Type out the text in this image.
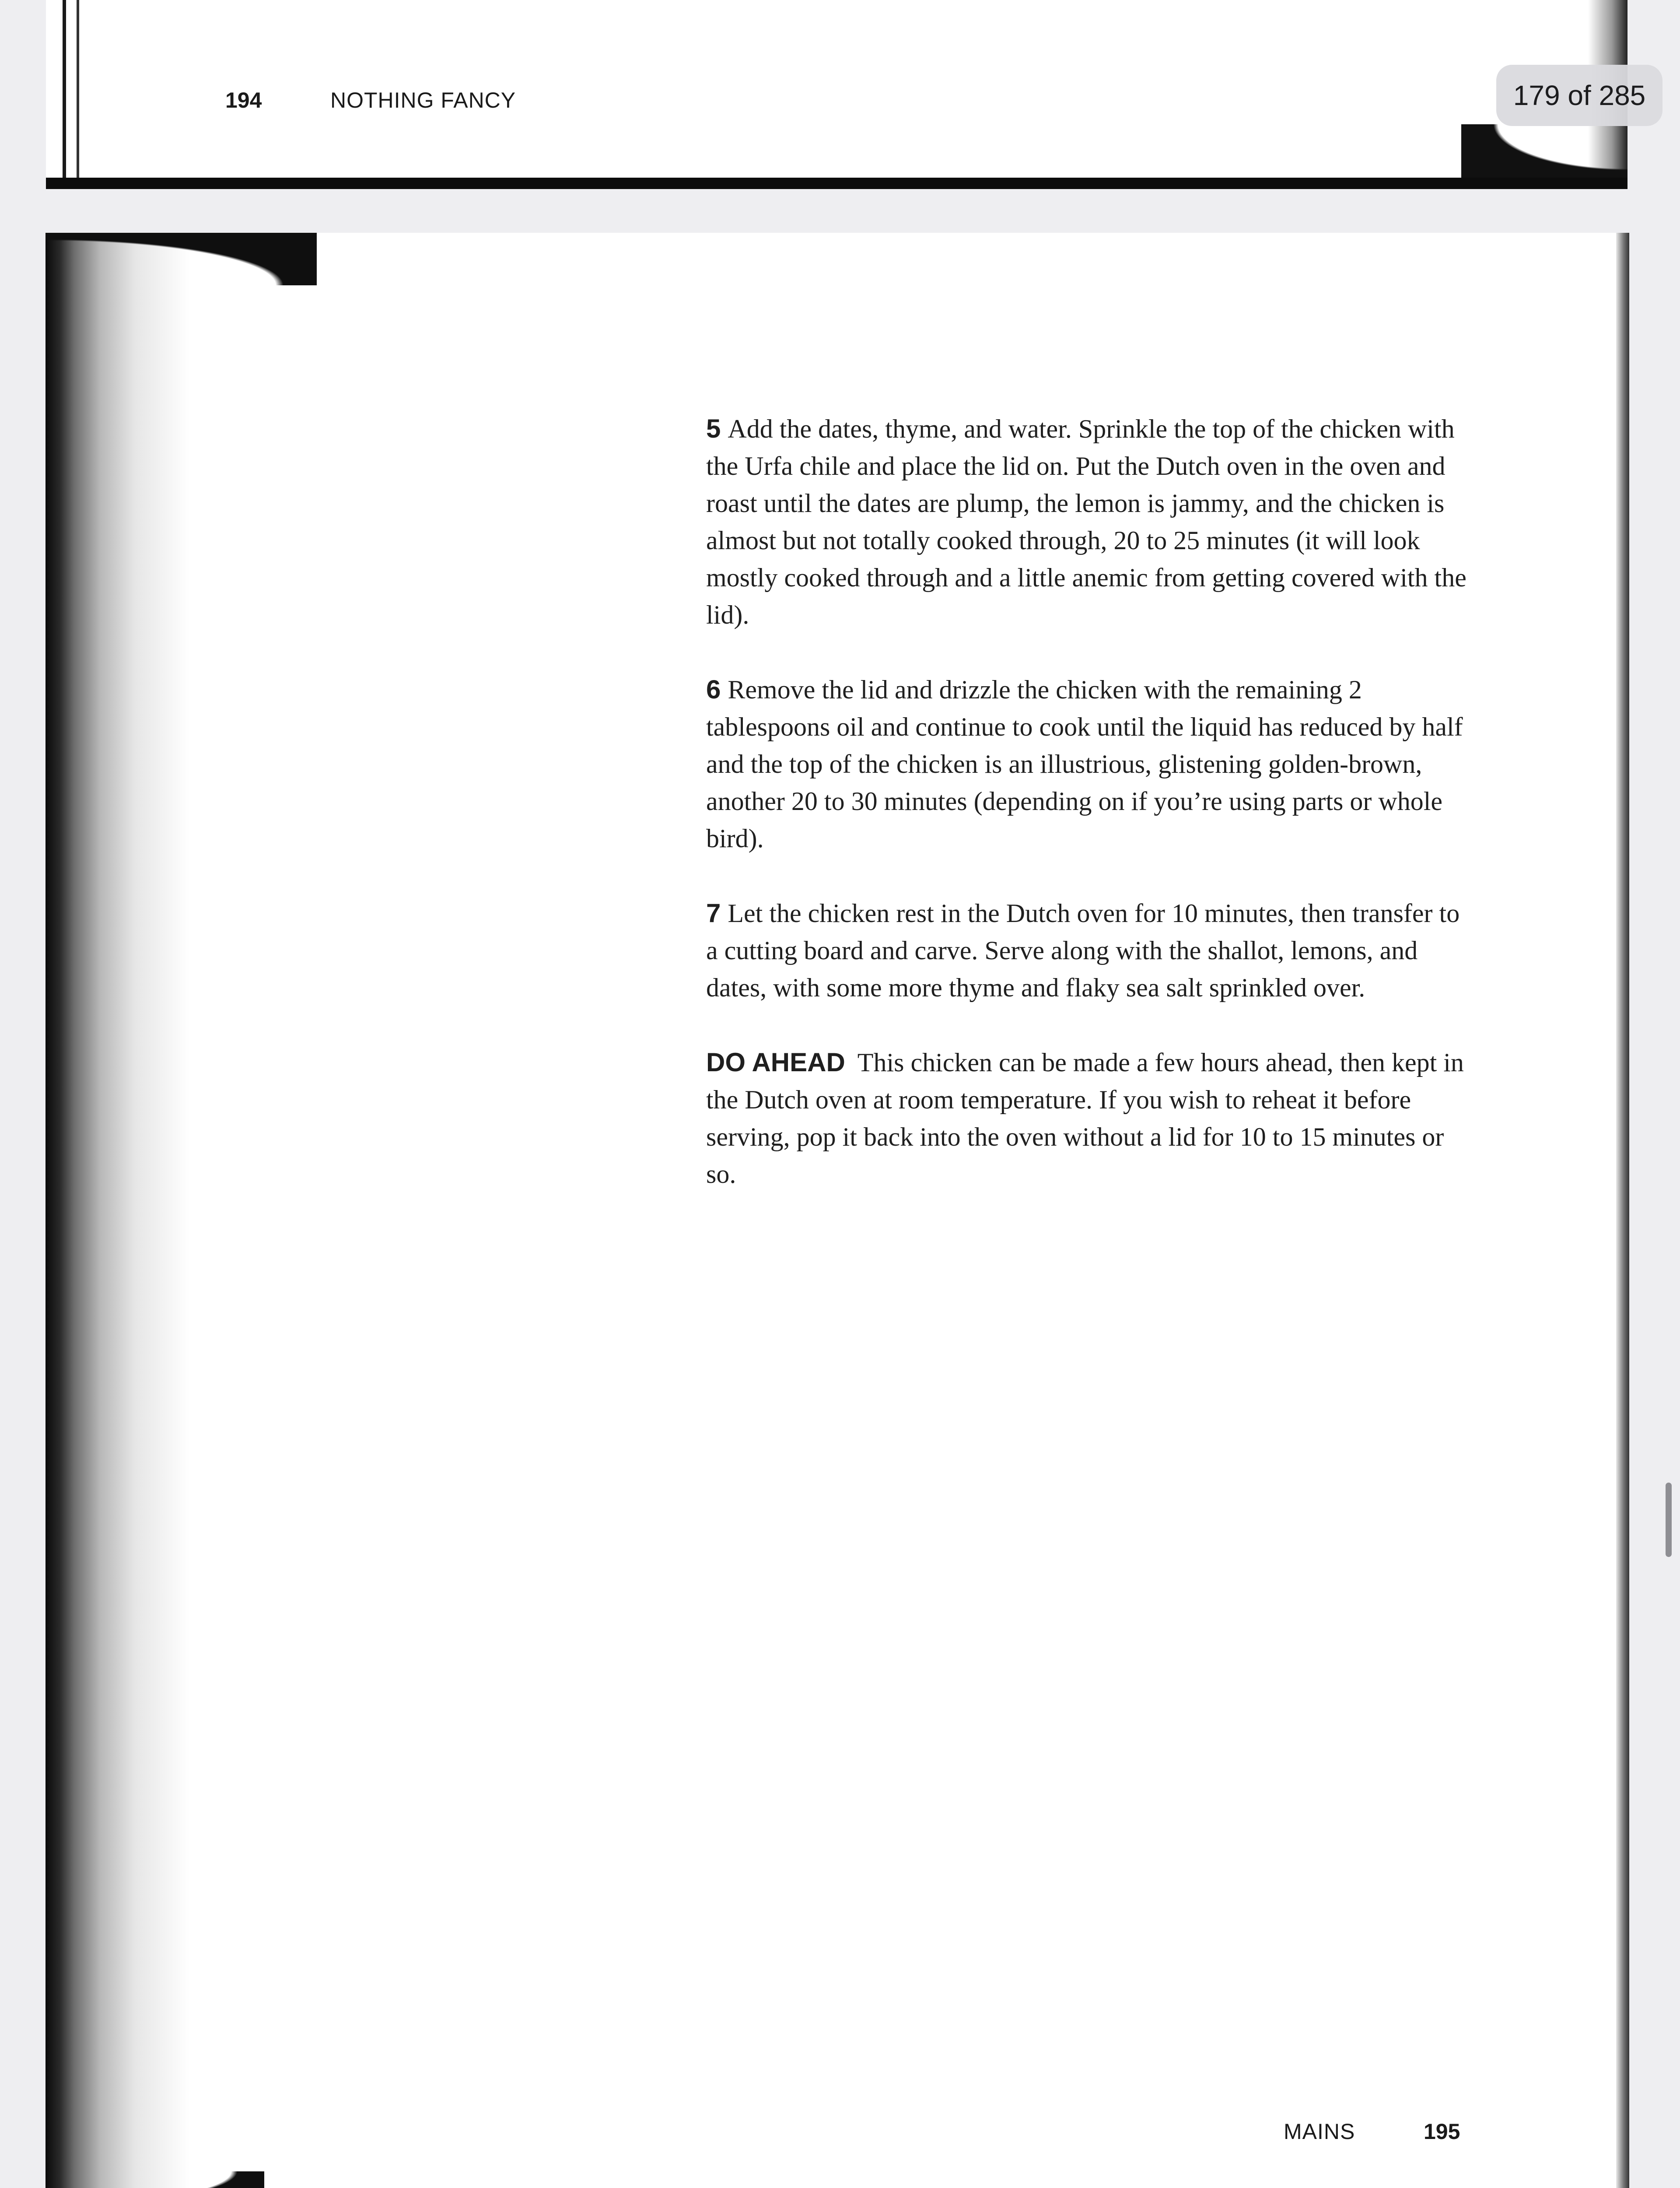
194	NOTHING FANCY

5 Add the dates, thyme, and water. Sprinkle the top of the chicken with the Urfa chile and place the lid on. Put the Dutch oven in the oven and roast until the dates are plump, the lemon is jammy, and the chicken is almost but not totally cooked through, 20 to 25 minutes (it will look mostly cooked through and a little anemic from getting covered with the lid).

6 Remove the lid and drizzle the chicken with the remaining 2 tablespoons oil and continue to cook until the liquid has reduced by half and the top of the chicken is an illustrious, glistening golden-brown, another 20 to 30 minutes (depending on if you’re using parts or whole bird).

7 Let the chicken rest in the Dutch oven for 10 minutes, then transfer to a cutting board and carve. Serve along with the shallot, lemons, and dates, with some more thyme and flaky sea salt sprinkled over.

DO AHEAD This chicken can be made a few hours ahead, then kept in the Dutch oven at room temperature. If you wish to reheat it before serving, pop it back into the oven without a lid for 10 to 15 minutes or so.

MAINS	195
179 of 285
